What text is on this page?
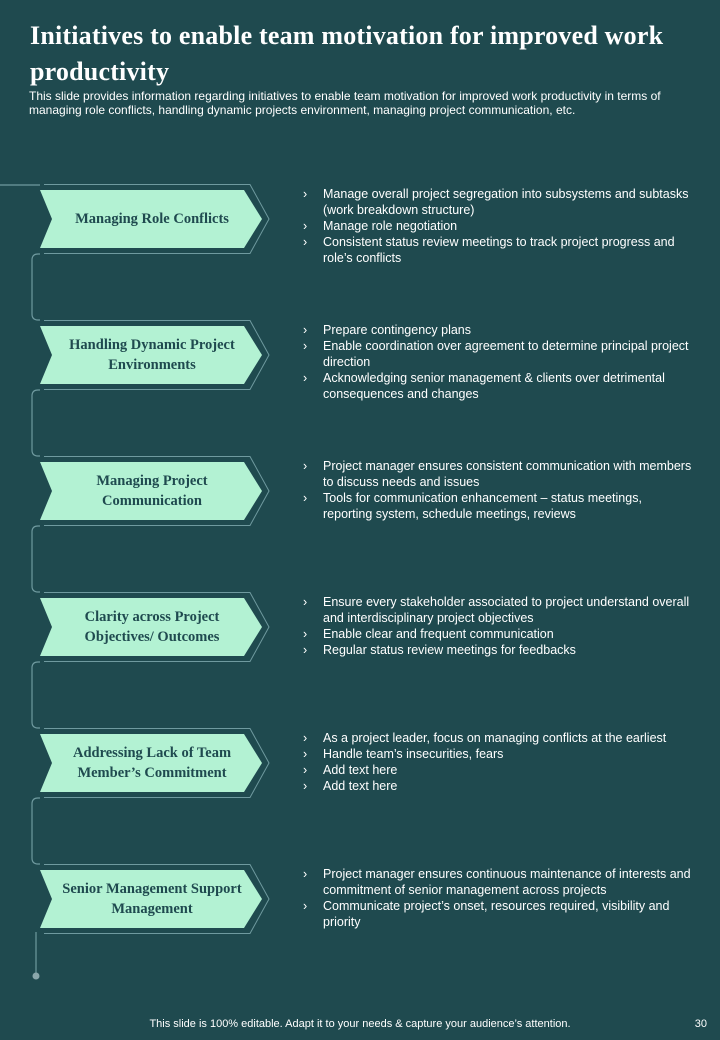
Initiatives to enable team motivation for improved work productivity

This slide provides information regarding initiatives to enable team motivation for improved work productivity in terms of managing role conflicts, handling dynamic projects environment, managing project communication, etc.

Managing Role Conflicts
› Manage overall project segregation into subsystems and subtasks (work breakdown structure)
› Manage role negotiation
› Consistent status review meetings to track project progress and role’s conflicts
Handling Dynamic Project Environments
› Prepare contingency plans
› Enable coordination over agreement to determine principal project direction
› Acknowledging senior management & clients over detrimental consequences and changes
Managing Project Communication
› Project manager ensures consistent communication with members to discuss needs and issues
› Tools for communication enhancement – status meetings, reporting system, schedule meetings, reviews
Clarity across Project Objectives/ Outcomes
› Ensure every stakeholder associated to project understand overall and interdisciplinary project objectives
› Enable clear and frequent communication
› Regular status review meetings for feedbacks
Addressing Lack of Team Member’s Commitment
› As a project leader, focus on managing conflicts at the earliest
› Handle team’s insecurities, fears
› Add text here
› Add text here
Senior Management Support Management
› Project manager ensures continuous maintenance of interests and commitment of senior management across projects
› Communicate project’s onset, resources required, visibility and priority

This slide is 100% editable. Adapt it to your needs & capture your audience’s attention.	30
